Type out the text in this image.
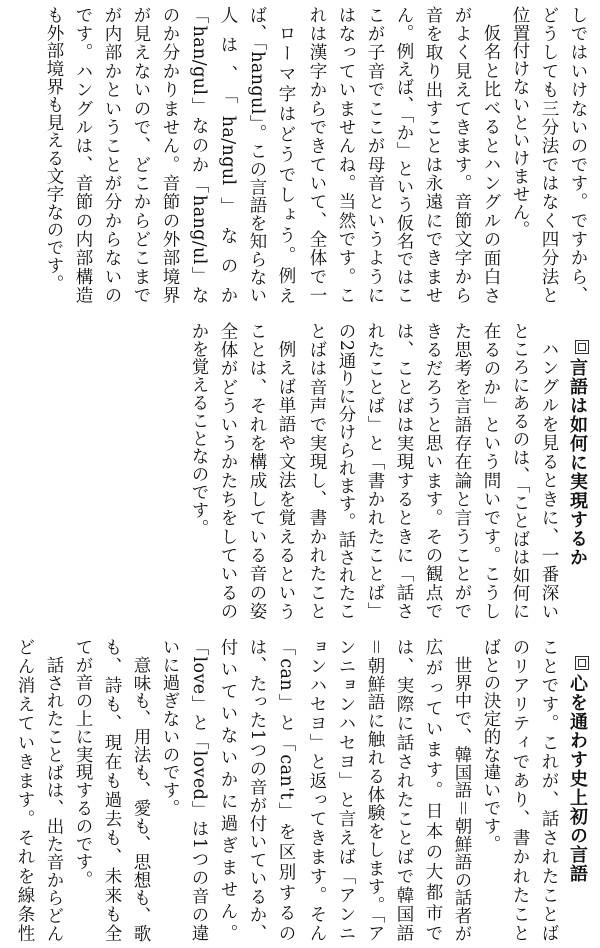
しではいけないのです。ですから、どうしても三分法ではなく四分法と位置付けないといけません。

仮名と比べるとハングルの面白さがよく見えてきます。音節文字から音を取り出すことは永遠にできません。例えば、「か」という仮名ではここが子音でここが母音というようにはなっていませんね。当然です。これは漢字からできていて、全体で一

ローマ字はどうでしょう。例えば、「hangul」。この言語を知らない人は、「ha/ngul」なのか「han/gul」なのか「hang/ul」なのか分かりません。音節の外部境界が見えないので、どこからどこまでが内部かということが分からないのです。ハングルは、音節の内部構造も外部境界も見える文字なのです。

言語は如何に実現するか

ハングルを見るときに、一番深いところにあるのは、「ことばは如何に在るのか」という問いです。こうした思考を言語存在論と言うことができるだろうと思います。その観点では、ことばは実現するときに「話されたことば」と「書かれたことば」の2通りに分けられます。話されたことばは音声で実現し、書かれたこと

例えば単語や文法を覚えるということは、それを構成している音の姿全体がどういうかたちをしているのかを覚えることなのです。

心を通わす史上初の言語

ことです。これが、話されたことばのリアリティであり、書かれたことばとの決定的な違いです。

世界中で、韓国語＝朝鮮語の話者が広がっています。日本の大都市では、実際に話されたことばで韓国語＝朝鮮語に触れる体験をします。「アンニョンハセヨ」と言えば「アンニョンハセヨ」と返ってきます。そん

「can」と「can't」を区別するのは、たった1つの音が付いているか、付いていないかに過ぎません。「love」と「loved」は1つの音の違いに過ぎないのです。

意味も、用法も、愛も、思想も、歌も、詩も、現在も過去も、未来も全てが音の上に実現するのです。

話されたことばは、出た音からどんどん消えていきます。それを線条性
